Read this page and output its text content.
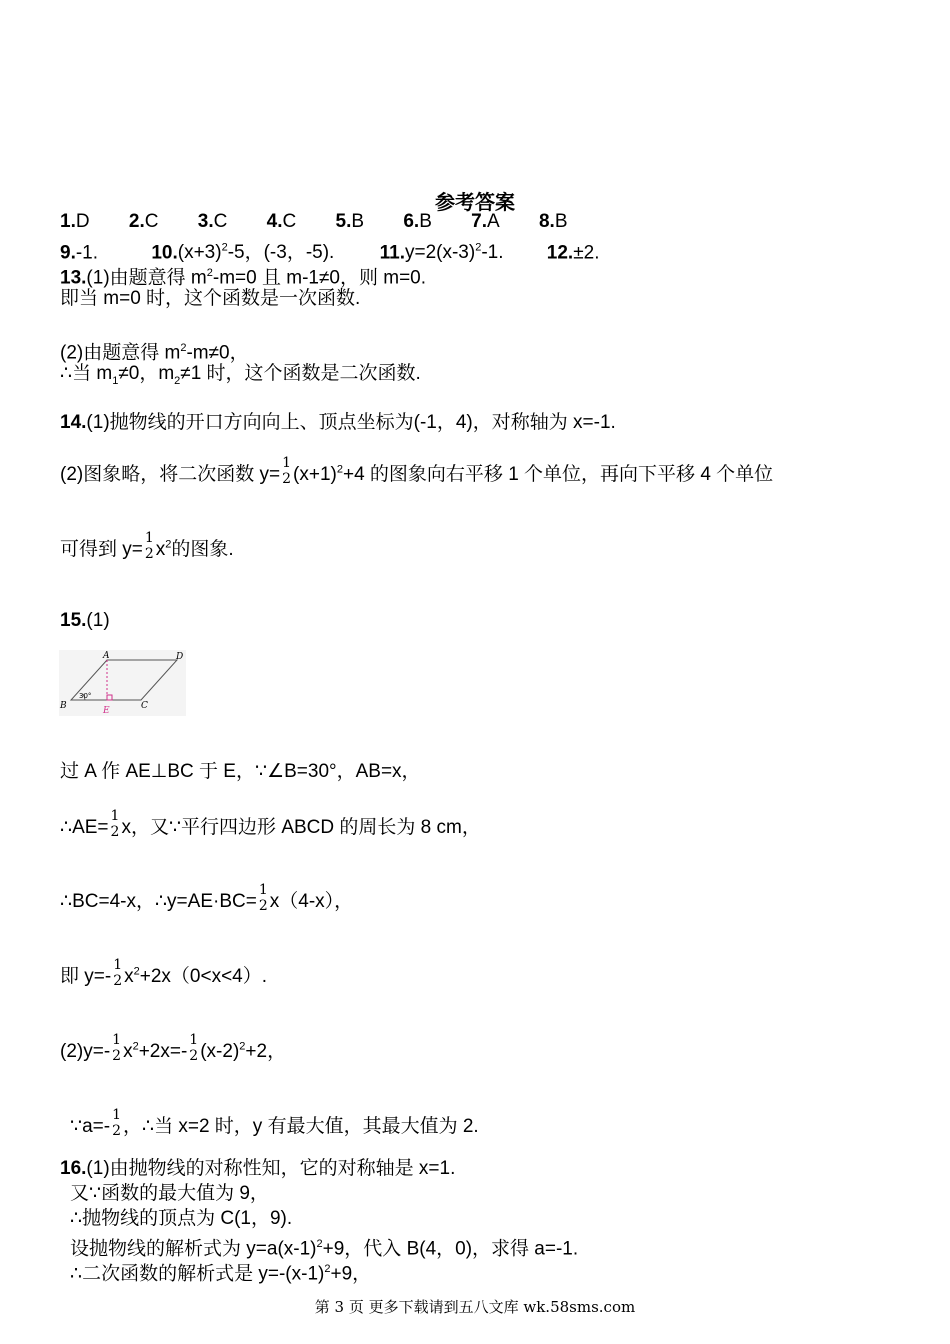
参考答案
1.D 2.C 3.C 4.C 5.B 6.B 7.A 8.B
9.-1.	$10.(x+3)^2-5$，(-3，-5). $11.y=2(x-3)^2-1$. 12.±2.
13.(1)由题意得 $m^2-m=0$ 且 m-1≠0，则 m=0.
即当 m=0 时，这个函数是一次函数.
(2)由题意得 $m^2-m\ne 0$，
∴当 $m_1\ne 0$，$m_2\ne 1$ 时，这个函数是二次函数.
14.(1)抛物线的开口方向向上、顶点坐标为(-1，4)，对称轴为 x=-1.
(2)图象略，将二次函数 y=
1
2 $(x+1)^2+4$ 的图象向右平移 1 个单位，再向下平移 4 个单位
可得到 y=
1
2 $x^2$的图象.
15.(1)
A	D
B	E	C
30°
过 A 作 AE⊥BC 于 E，∵∠B=30°，AB=x，
∴AE=
1
2 x，又∵平行四边形 ABCD 的周长为 8 cm，
∴BC=4-x，∴y=AE·BC=
1
2 x（4-x），
即 y=-
1
2 $x^2+2x(0<x<4)$.
(2)y=-
1
2 $x^2+2x=-$
1
2 $(x-2)^2+2$，
∵a=-
1
2 ，∴当 x=2 时，y 有最大值，其最大值为 2.
16.(1)由抛物线的对称性知，它的对称轴是 x=1.
又∵函数的最大值为 9，
∴抛物线的顶点为 C(1，9).
设抛物线的解析式为 $y=a(x-1)^2+9$，代入 B(4，0)，求得 a=-1.
∴二次函数的解析式是 $y=-(x-1)^2+9$，
第 3 页 更多下载请到五八文库 wk.58sms.com
